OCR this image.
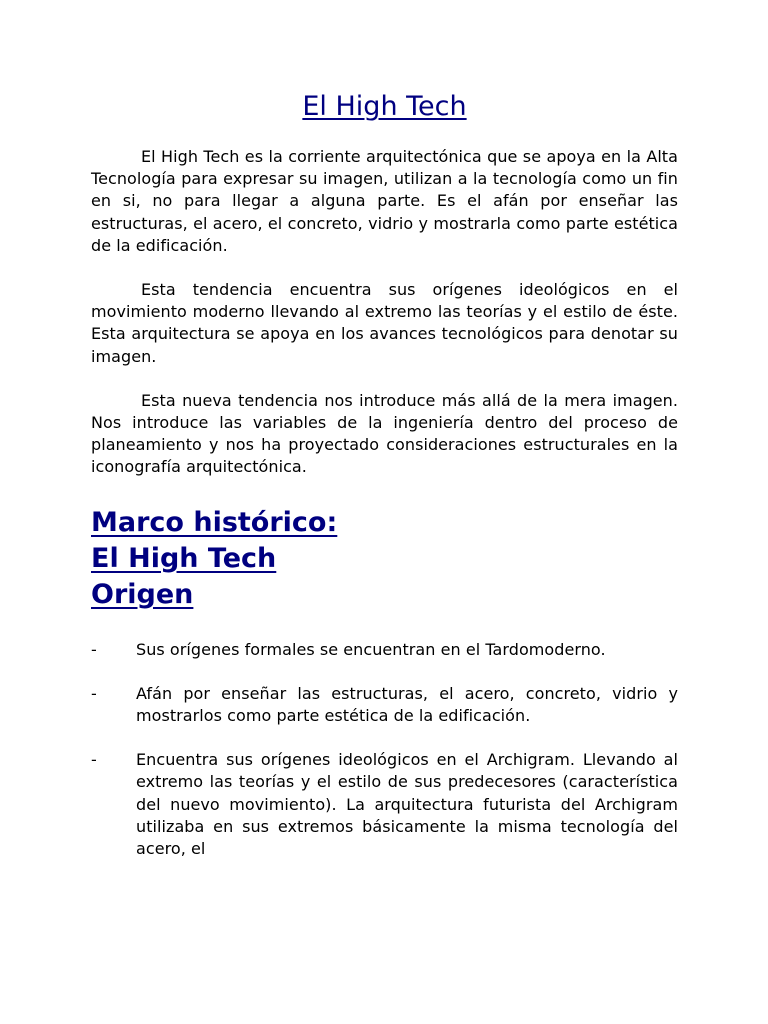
El High Tech

El High Tech es la corriente arquitectónica que se apoya en la Alta Tecnología para expresar su imagen, utilizan a la tecnología como un fin en si, no para llegar a alguna parte. Es el afán por enseñar las estructuras, el acero, el concreto, vidrio y mostrarla como parte estética de la edificación.

Esta tendencia encuentra sus orígenes ideológicos en el movimiento moderno llevando al extremo las teorías y el estilo de éste. Esta arquitectura se apoya en los avances tecnológicos para denotar su imagen.

Esta nueva tendencia nos introduce más allá de la mera imagen. Nos introduce las variables de la ingeniería dentro del proceso de planeamiento y nos ha proyectado consideraciones estructurales en la iconografía arquitectónica.

Marco histórico:
El High Tech
Origen
- Sus orígenes formales se encuentran en el Tardomoderno.
- Afán por enseñar las estructuras, el acero, concreto, vidrio y mostrarlos como parte estética de la edificación.
- Encuentra sus orígenes ideológicos en el Archigram. Llevando al extremo las teorías y el estilo de sus predecesores (característica del nuevo movimiento). La arquitectura futurista del Archigram utilizaba en sus extremos básicamente la misma tecnología del acero, el
